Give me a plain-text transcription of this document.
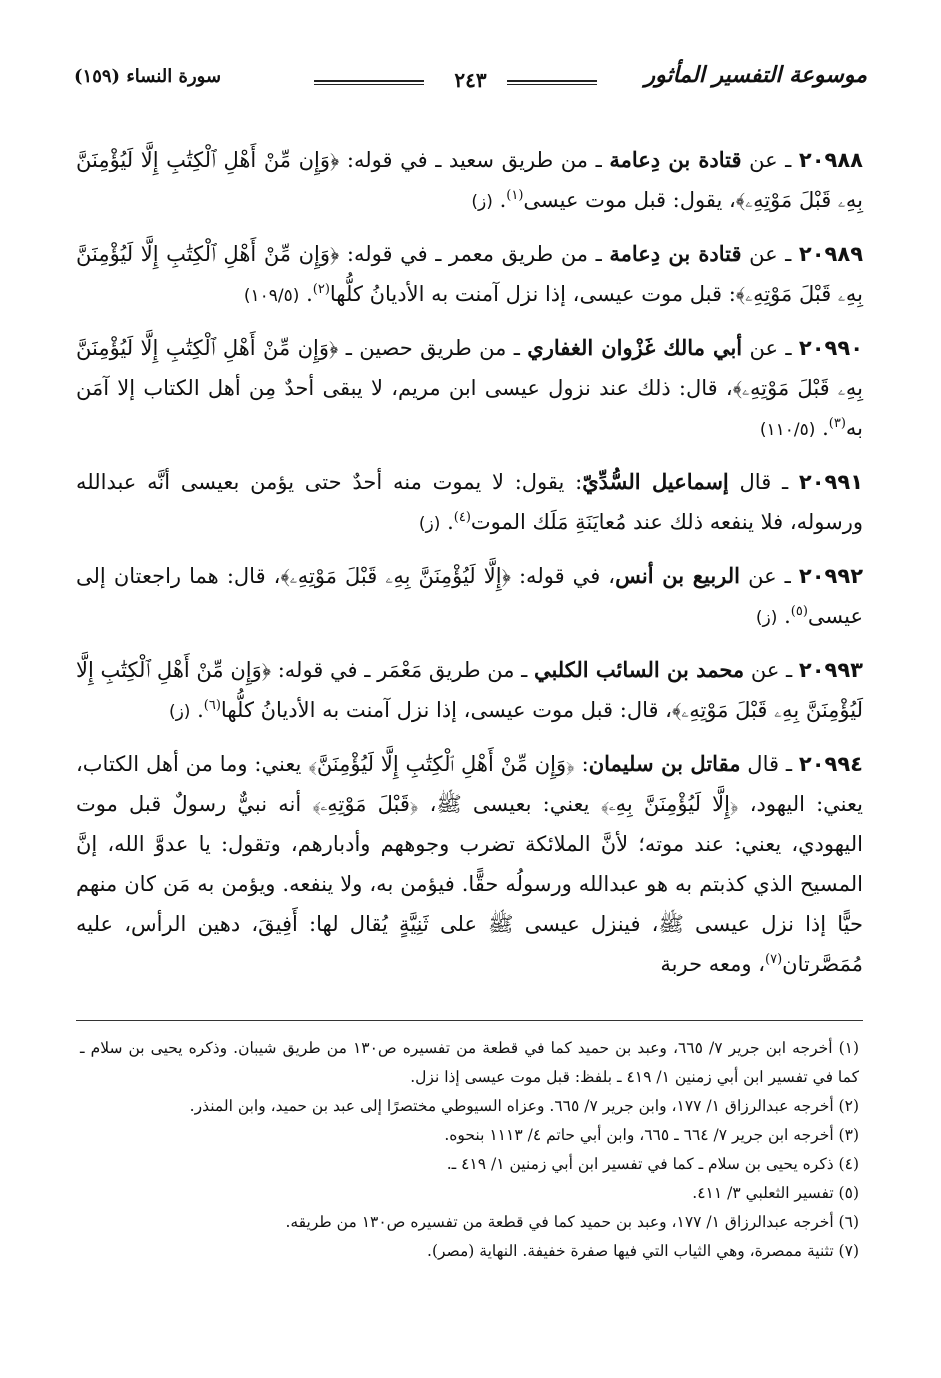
موسوعة التفسير المأثور
٢٤٣
سورة النساء (١٥٩)

٢٠٩٨٨ ـ عن قتادة بن دِعامة ـ من طريق سعيد ـ في قوله: ﴿وَإِن مِّنْ أَهْلِ ٱلْكِتَٰبِ إِلَّا لَيُؤْمِنَنَّ بِهِۦ قَبْلَ مَوْتِهِۦ﴾، يقول: قبل موت عيسى$^{(١)}$. (ز)

٢٠٩٨٩ ـ عن قتادة بن دِعامة ـ من طريق معمر ـ في قوله: ﴿وَإِن مِّنْ أَهْلِ ٱلْكِتَٰبِ إِلَّا لَيُؤْمِنَنَّ بِهِۦ قَبْلَ مَوْتِهِۦ﴾: قبل موت عيسى، إذا نزل آمنت به الأديانُ كلُّها$^{(٢)}$. (١٠٩/٥)

٢٠٩٩٠ ـ عن أبي مالك غَزْوان الغفاري ـ من طريق حصين ـ ﴿وَإِن مِّنْ أَهْلِ ٱلْكِتَٰبِ إِلَّا لَيُؤْمِنَنَّ بِهِۦ قَبْلَ مَوْتِهِۦ﴾، قال: ذلك عند نزول عيسى ابن مريم، لا يبقى أحدٌ مِن أهل الكتاب إلا آمَن به$^{(٣)}$. (١١٠/٥)

٢٠٩٩١ ـ قال إسماعيل السُّدِّيّ: يقول: لا يموت منه أحدٌ حتى يؤمن بعيسى أنَّه عبدالله ورسوله، فلا ينفعه ذلك عند مُعايَنَةِ مَلَك الموت$^{(٤)}$. (ز)

٢٠٩٩٢ ـ عن الربيع بن أنس، في قوله: ﴿إِلَّا لَيُؤْمِنَنَّ بِهِۦ قَبْلَ مَوْتِهِۦ﴾، قال: هما راجعتان إلى عيسى$^{(٥)}$. (ز)

٢٠٩٩٣ ـ عن محمد بن السائب الكلبي ـ من طريق مَعْمَر ـ في قوله: ﴿وَإِن مِّنْ أَهْلِ ٱلْكِتَٰبِ إِلَّا لَيُؤْمِنَنَّ بِهِۦ قَبْلَ مَوْتِهِۦ﴾، قال: قبل موت عيسى، إذا نزل آمنت به الأديانُ كلُّها$^{(٦)}$. (ز)

٢٠٩٩٤ ـ قال مقاتل بن سليمان: ﴿وَإِن مِّنْ أَهْلِ ٱلْكِتَٰبِ إِلَّا لَيُؤْمِنَنَّ﴾ يعني: وما من أهل الكتاب، يعني: اليهود، ﴿إِلَّا لَيُؤْمِنَنَّ بِهِۦ﴾ يعني: بعيسى ﷺ، ﴿قَبْلَ مَوْتِهِۦ﴾ أنه نبيٌّ رسولٌ قبل موت اليهودي، يعني: عند موته؛ لأنَّ الملائكة تضرب وجوههم وأدبارهم، وتقول: يا عدوَّ الله، إنَّ المسيح الذي كذبتم به هو عبدالله ورسولُه حقًّا. فيؤمن به، ولا ينفعه. ويؤمن به مَن كان منهم حيًّا إذا نزل عيسى ﷺ، فينزل عيسى ﷺ على ثَنِيَّةٍ يُقال لها: أَفِيقَ، دهين الرأس، عليه مُمَصَّرتان$^{(٧)}$، ومعه حربة

(١) أخرجه ابن جرير ٧/ ٦٦٥، وعبد بن حميد كما في قطعة من تفسيره ص١٣٠ من طريق شيبان. وذكره يحيى بن سلام ـ كما في تفسير ابن أبي زمنين ١/ ٤١٩ ـ بلفظ: قبل موت عيسى إذا نزل.

(٢) أخرجه عبدالرزاق ١/ ١٧٧، وابن جرير ٧/ ٦٦٥. وعزاه السيوطي مختصرًا إلى عبد بن حميد، وابن المنذر.

(٣) أخرجه ابن جرير ٧/ ٦٦٤ ـ ٦٦٥، وابن أبي حاتم ٤/ ١١١٣ بنحوه.

(٤) ذكره يحيى بن سلام ـ كما في تفسير ابن أبي زمنين ١/ ٤١٩ ـ.

(٥) تفسير الثعلبي ٣/ ٤١١.

(٦) أخرجه عبدالرزاق ١/ ١٧٧، وعبد بن حميد كما في قطعة من تفسيره ص١٣٠ من طريقه.

(٧) تثنية ممصرة، وهي الثياب التي فيها صفرة خفيفة. النهاية (مصر).
